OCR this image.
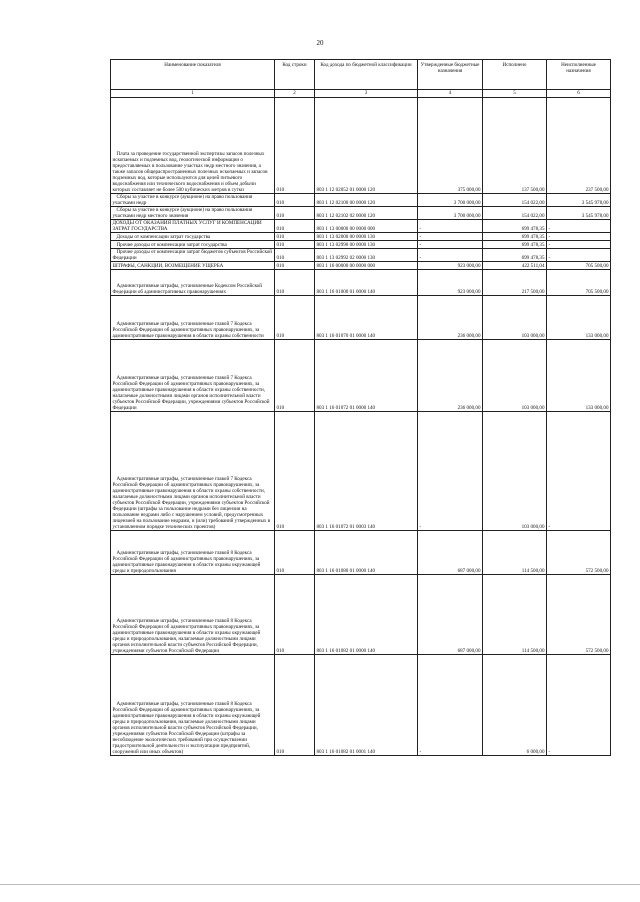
20
Наименование показателя	Код строки	Код дохода по бюджетной классификации	Утвержденные бюджетные назначения	Исполнено	Неисполненные назначения
1	2	3	4	5	6
Плата за проведение государственной экспертизы запасов полезных ископаемых и подземных вод, геологической информации о предоставляемых в пользование участках недр местного значения, а также запасов общераспространенных полезных ископаемых и запасов подземных вод, которые используются для целей питьевого водоснабжения или технического водоснабжения и объем добычи которых составляет не более 500 кубических метров в сутки	010	803 1 12 02052 01 0000 120	375 000,00	137 500,00	237 500,00
Сборы за участие в конкурсе (аукционе) на право пользования участками недр	010	803 1 12 02100 00 0000 120	3 700 000,00	154 022,00	3 545 978,00
Сборы за участие в конкурсе (аукционе) на право пользования участками недр местного значения	010	803 1 12 02102 02 0000 120	3 700 000,00	154 022,00	3 545 978,00
ДОХОДЫ ОТ ОКАЗАНИЯ ПЛАТНЫХ УСЛУГ И КОМПЕНСАЦИИ ЗАТРАТ ГОСУДАРСТВА	010	803 1 13 00000 00 0000 000	-	699 478,35	-
Доходы от компенсации затрат государства	010	803 1 13 02000 00 0000 130	-	699 478,35	-
Прочие доходы от компенсации затрат государства	010	803 1 13 02990 00 0000 130	-	699 478,35	-
Прочие доходы от компенсации затрат бюджетов субъектов Российской Федерации	010	803 1 13 02992 02 0000 130	-	699 478,35	-
ШТРАФЫ, САНКЦИИ, ВОЗМЕЩЕНИЕ УЩЕРБА	010	803 1 16 00000 00 0000 000	923 000,00	422 511,04	705 500,00
Административные штрафы, установленные Кодексом Российской Федерации об административных правонарушениях	010	803 1 16 01000 01 0000 140	923 000,00	217 500,00	705 500,00
Административные штрафы, установленные главой 7 Кодекса Российской Федерации об административных правонарушениях, за административные правонарушения в области охраны собственности	010	803 1 16 01070 01 0000 140	236 000,00	103 000,00	133 000,00
Административные штрафы, установленные главой 7 Кодекса Российской Федерации об административных правонарушениях, за административные правонарушения в области охраны собственности, налагаемые должностными лицами органов исполнительной власти субъектов Российской Федерации, учреждениями субъектов Российской Федерации	010	803 1 16 01072 01 0000 140	236 000,00	103 000,00	133 000,00
Административные штрафы, установленные главой 7 Кодекса Российской Федерации об административных правонарушениях, за административные правонарушения в области охраны собственности, налагаемые должностными лицами органов исполнительной власти субъектов Российской Федерации, учреждениями субъектов Российской Федерации (штрафы за пользование недрами без лицензии на пользование недрами либо с нарушением условий, предусмотренных лицензией на пользование недрами, и (или) требований утвержденных в установленном порядке технических проектов)	010	803 1 16 01072 01 0003 140	-	103 000,00	-
Административные штрафы, установленные главой 8 Кодекса Российской Федерации об административных правонарушениях, за административные правонарушения в области охраны окружающей среды и природопользования	010	803 1 16 01080 01 0000 140	687 000,00	114 500,00	572 500,00
Административные штрафы, установленные главой 8 Кодекса Российской Федерации об административных правонарушениях, за административные правонарушения в области охраны окружающей среды и природопользования, налагаемые должностными лицами органов исполнительной власти субъектов Российской Федерации, учреждениями субъектов Российской Федерации	010	803 1 16 01082 01 0000 140	687 000,00	114 500,00	572 500,00
Административные штрафы, установленные главой 8 Кодекса Российской Федерации об административных правонарушениях, за административные правонарушения в области охраны окружающей среды и природопользования, налагаемые должностными лицами органов исполнительной власти субъектов Российской Федерации, учреждениями субъектов Российской Федерации (штрафы за несоблюдение экологических требований при осуществлении градостроительной деятельности и эксплуатации предприятий, сооружений или иных объектов)	010	803 1 16 01082 01 0001 140	-	6 000,00	-
